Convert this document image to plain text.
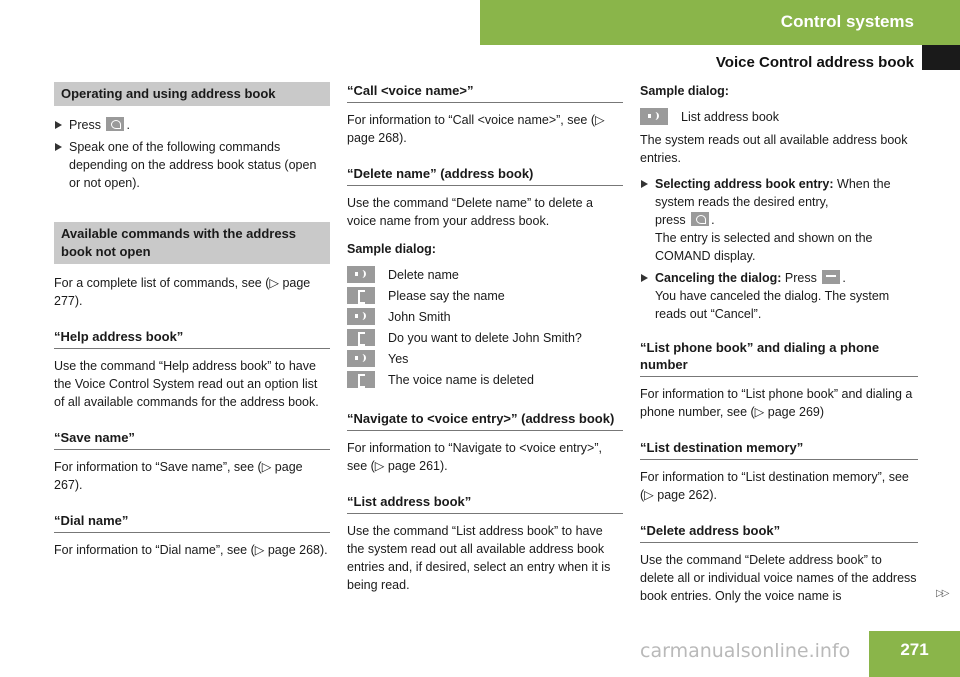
Control systems
Voice Control address book
Operating and using address book
Press .
Speak one of the following commands depending on the address book status (open or not open).
Available commands with the address book not open

For a complete list of commands, see (▷ page 277).

“Help address book”

Use the command “Help address book” to have the Voice Control System read out an option list of all available commands for the address book.

“Save name”

For information to “Save name”, see (▷ page 267).

“Dial name”

For information to “Dial name”, see (▷ page 268).

“Call <voice name>”

For information to “Call <voice name>”, see (▷ page 268).

“Delete name” (address book)

Use the command “Delete name” to delete a voice name from your address book.

Sample dialog:

Delete name
Please say the name
John Smith
Do you want to delete John Smith?
Yes
The voice name is deleted
“Navigate to <voice entry>” (address book)

For information to “Navigate to <voice entry>”, see (▷ page 261).

“List address book”

Use the command “List address book” to have the system read out all available address book entries and, if desired, select an entry when it is being read.

Sample dialog:

List address book

The system reads out all available address book entries.

Selecting address book entry: When the system reads the desired entry,
press .
The entry is selected and shown on the COMAND display.
Canceling the dialog: Press .
You have canceled the dialog. The system reads out “Cancel”.
“List phone book” and dialing a phone number

For information to “List phone book” and dialing a phone number, see (▷ page 269)

“List destination memory”

For information to “List destination memory”, see (▷ page 262).

“Delete address book”

Use the command “Delete address book” to delete all or individual voice names of the address book entries. Only the voice name is	▷▷
carmanualsonline.info	271
